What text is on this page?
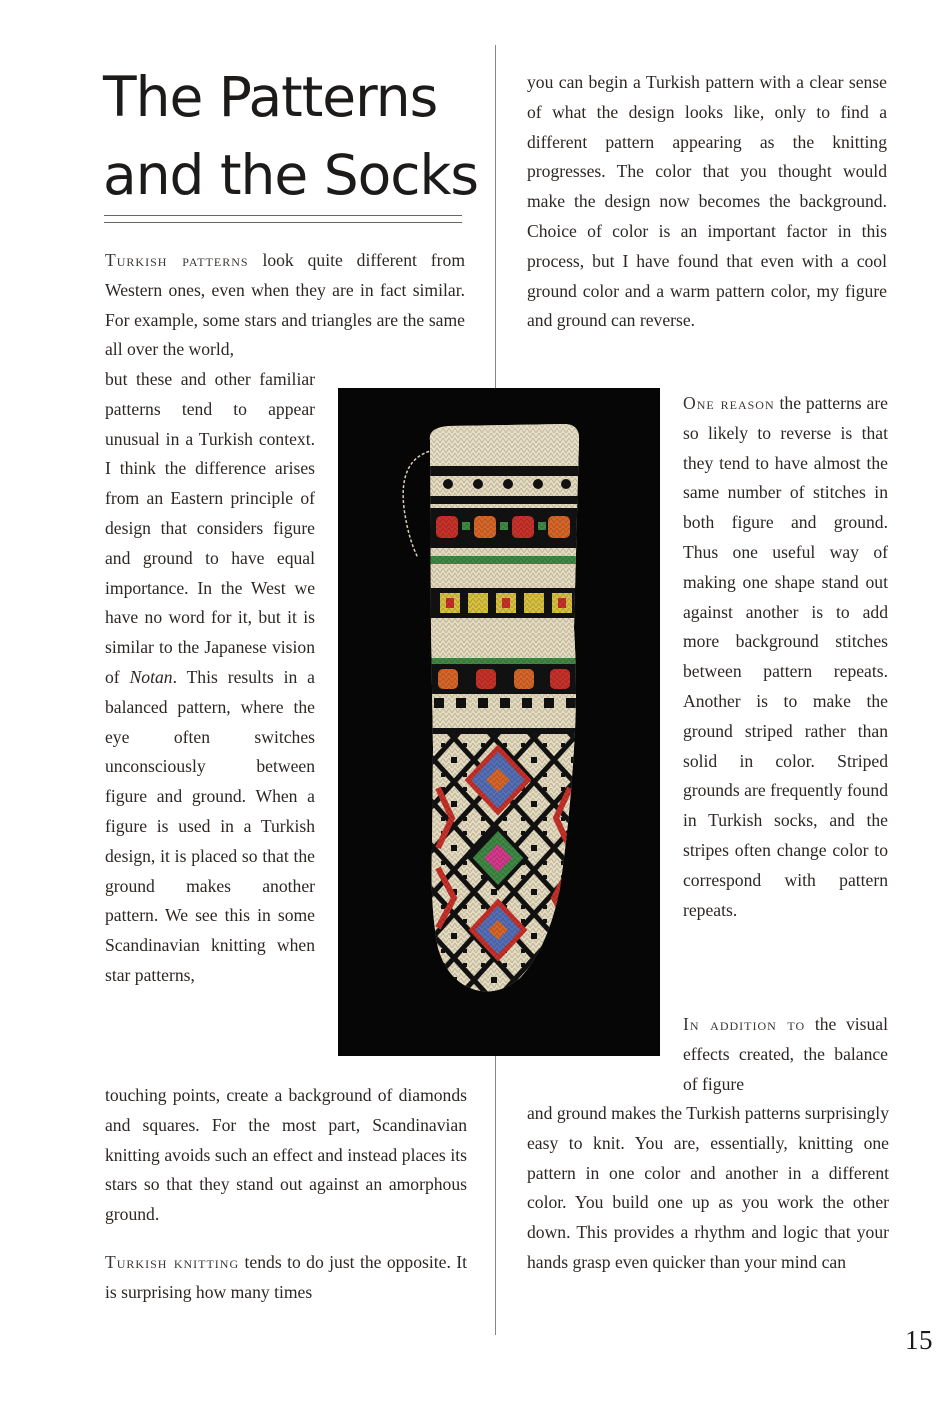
The Patterns
and the Socks

Turkish patterns look quite different from Western ones, even when they are in fact similar. For example, some stars and triangles are the same all over the world,

but these and other familiar patterns tend to appear unusual in a Turkish context. I think the difference arises from an Eastern principle of design that considers figure and ground to have equal importance. In the West we have no word for it, but it is similar to the Japanese vision of Notan. This results in a balanced pattern, where the eye often switches unconsciously between figure and ground. When a figure is used in a Turkish design, it is placed so that the ground makes another pattern. We see this in some Scandinavian knitting when star patterns,

touching points, create a background of diamonds and squares. For the most part, Scandinavian knitting avoids such an effect and instead places its stars so that they stand out against an amorphous ground.

Turkish knitting tends to do just the opposite. It is surprising how many times

you can begin a Turkish pattern with a clear sense of what the design looks like, only to find a different pattern appearing as the knitting progresses. The color that you thought would make the design now becomes the background. Choice of color is an important factor in this process, but I have found that even with a cool ground color and a warm pattern color, my figure and ground can reverse.

One reason the patterns are so likely to reverse is that they tend to have almost the same number of stitches in both figure and ground. Thus one useful way of making one shape stand out against another is to add more background stitches between pattern repeats. Another is to make the ground striped rather than solid in color. Striped grounds are frequently found in Turkish socks, and the stripes often change color to correspond with pattern repeats.

In addition to the visual effects created, the balance of figure

and ground makes the Turkish patterns surprisingly easy to knit. You are, essentially, knitting one pattern in one color and another in a different color. You build one up as you work the other down. This provides a rhythm and logic that your hands grasp even quicker than your mind can

15
